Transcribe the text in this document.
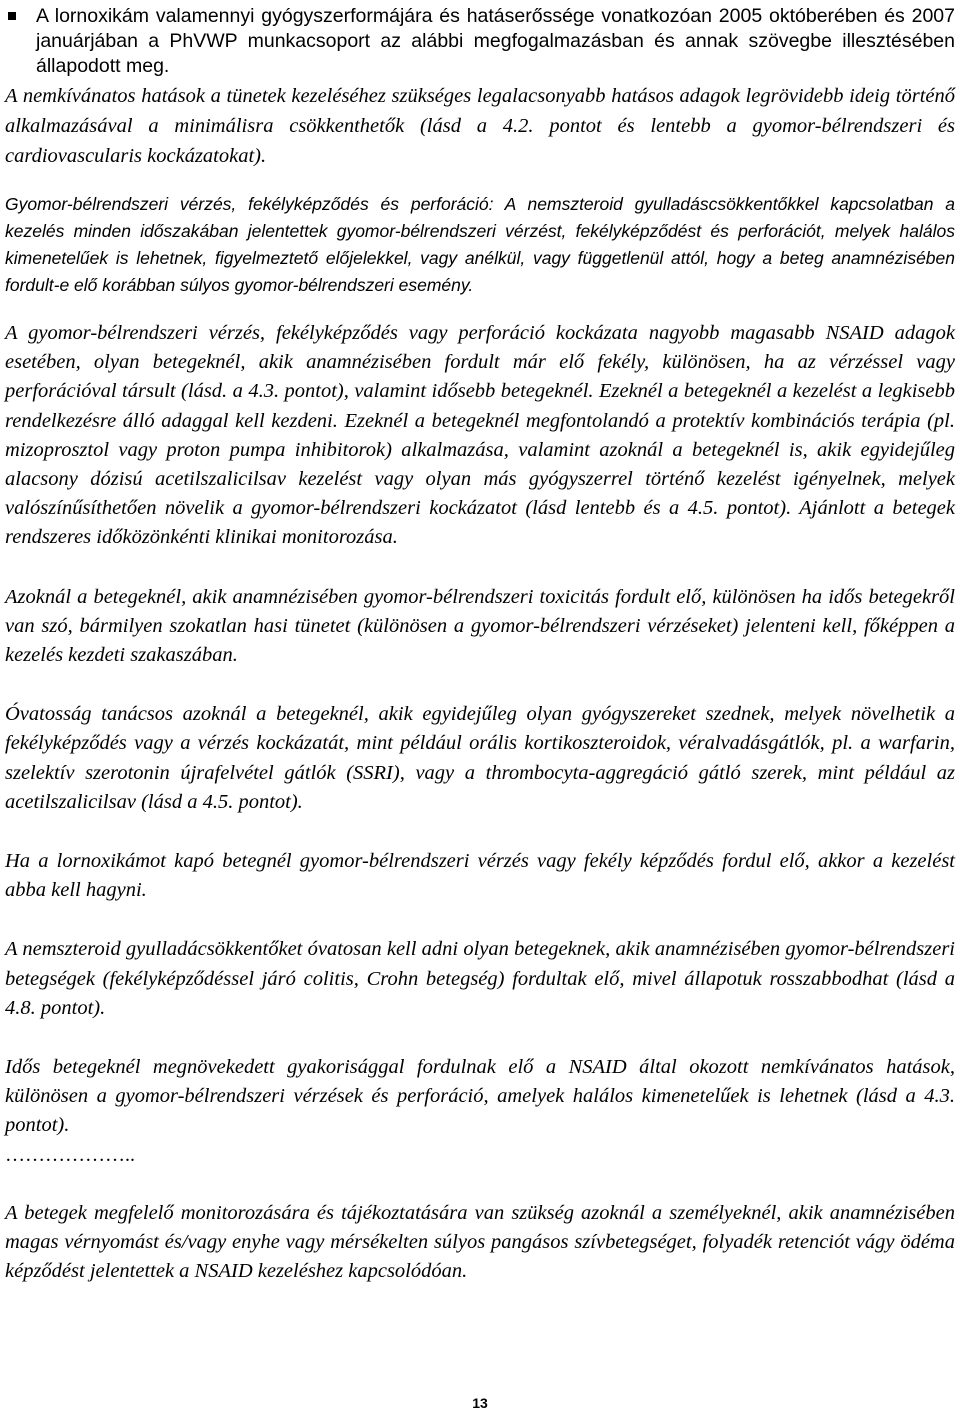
A lornoxikám valamennyi gyógyszerformájára és hatáserőssége vonatkozóan 2005 októberében és 2007 januárjában a PhVWP munkacsoport az alábbi megfogalmazásban és annak szövegbe illesztésében állapodott meg.

A nemkívánatos hatások a tünetek kezeléséhez szükséges legalacsonyabb hatásos adagok legrövidebb ideig történő alkalmazásával a minimálisra csökkenthetők (lásd a 4.2. pontot és lentebb a gyomor-bélrendszeri és cardiovascularis kockázatokat).

Gyomor-bélrendszeri vérzés, fekélyképződés és perforáció: A nemszteroid gyulladáscsökkentőkkel kapcsolatban a kezelés minden időszakában jelentettek gyomor-bélrendszeri vérzést, fekélyképződést és perforációt, melyek halálos kimenetelűek is lehetnek, figyelmeztető előjelekkel, vagy anélkül, vagy függetlenül attól, hogy a beteg anamnézisében fordult-e elő korábban súlyos gyomor-bélrendszeri esemény.

A gyomor-bélrendszeri vérzés, fekélyképződés vagy perforáció kockázata nagyobb magasabb NSAID adagok esetében, olyan betegeknél, akik anamnézisében fordult már elő fekély, különösen, ha az vérzéssel vagy perforációval társult (lásd. a 4.3. pontot), valamint idősebb betegeknél. Ezeknél a betegeknél a kezelést a legkisebb rendelkezésre álló adaggal kell kezdeni. Ezeknél a betegeknél megfontolandó a protektív kombinációs terápia (pl. mizoprosztol vagy proton pumpa inhibitorok) alkalmazása, valamint azoknál a betegeknél is, akik egyidejűleg alacsony dózisú acetilszalicilsav kezelést vagy olyan más gyógyszerrel történő kezelést igényelnek, melyek valószínűsíthetően növelik a gyomor-bélrendszeri kockázatot (lásd lentebb és a 4.5. pontot). Ajánlott a betegek rendszeres időközönkénti klinikai monitorozása.

Azoknál a betegeknél, akik anamnézisében gyomor-bélrendszeri toxicitás fordult elő, különösen ha idős betegekről van szó, bármilyen szokatlan hasi tünetet (különösen a gyomor-bélrendszeri vérzéseket) jelenteni kell, főképpen a kezelés kezdeti szakaszában.

Óvatosság tanácsos azoknál a betegeknél, akik egyidejűleg olyan gyógyszereket szednek, melyek növelhetik a fekélyképződés vagy a vérzés kockázatát, mint például orális kortikoszteroidok, véralvadásgátlók, pl. a warfarin, szelektív szerotonin újrafelvétel gátlók (SSRI), vagy a thrombocyta-aggregáció gátló szerek, mint például az acetilszalicilsav (lásd a 4.5. pontot).

Ha a lornoxikámot kapó betegnél gyomor-bélrendszeri vérzés vagy fekély képződés fordul elő, akkor a kezelést abba kell hagyni.

A nemszteroid gyulladácsökkentőket óvatosan kell adni olyan betegeknek, akik anamnézisében gyomor-bélrendszeri betegségek (fekélyképződéssel járó colitis, Crohn betegség) fordultak elő, mivel állapotuk rosszabbodhat (lásd a 4.8. pontot).

Idős betegeknél megnövekedett gyakorisággal fordulnak elő a NSAID által okozott nemkívánatos hatások, különösen a gyomor-bélrendszeri vérzések és perforáció, amelyek halálos kimenetelűek is lehetnek (lásd a 4.3. pontot).

………………..

A betegek megfelelő monitorozására és tájékoztatására van szükség azoknál a személyeknél, akik anamnézisében magas vérnyomást és/vagy enyhe vagy mérsékelten súlyos pangásos szívbetegséget, folyadék retenciót vágy ödéma képződést jelentettek a NSAID kezeléshez kapcsolódóan.

13
